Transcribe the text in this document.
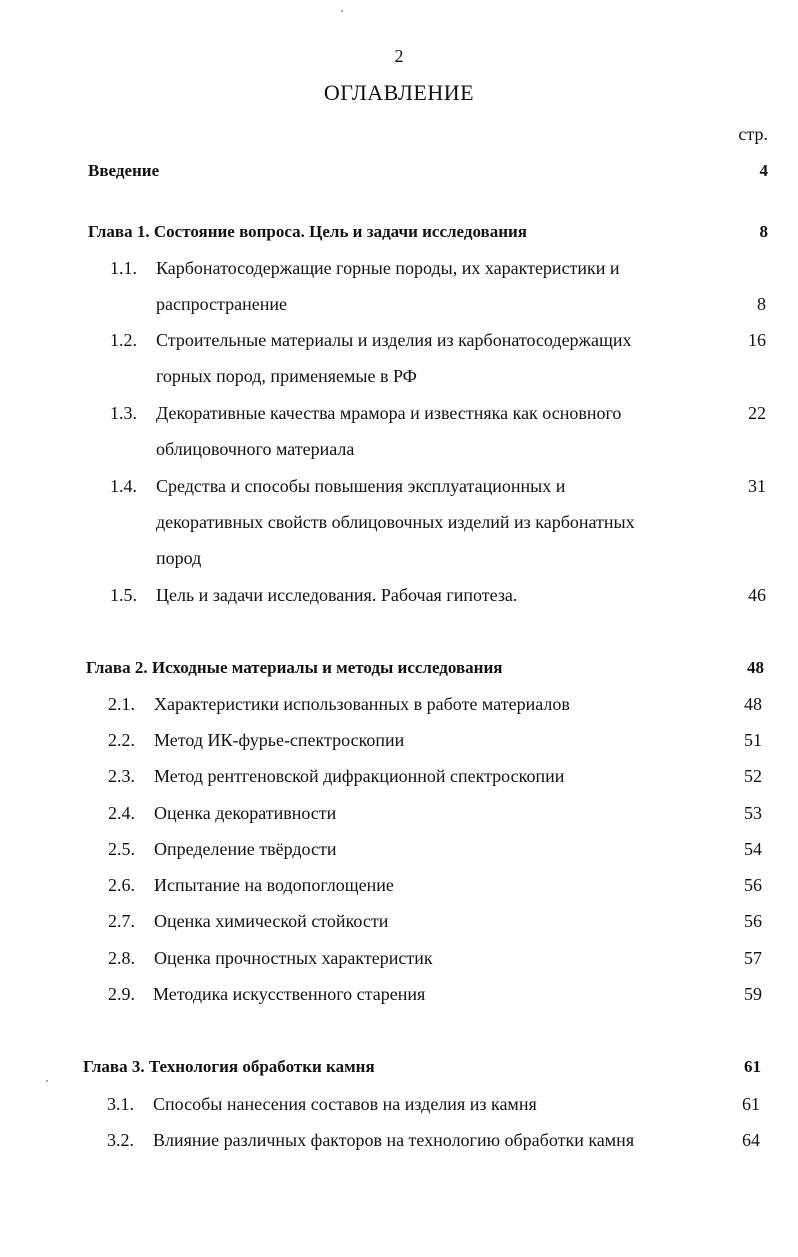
2
ОГЛАВЛЕНИЕ
стр.
Введение	4
Глава 1. Состояние вопроса. Цель и задачи исследования	8
1.1. Карбонатосодержащие горные породы, их характеристики и
распространение	8
1.2. Строительные материалы и изделия из карбонатосодержащих	16
горных пород, применяемые в РФ
1.3. Декоративные качества мрамора и известняка как основного	22
облицовочного материала
1.4. Средства и способы повышения эксплуатационных и	31
декоративных свойств облицовочных изделий из карбонатных
пород
1.5. Цель и задачи исследования. Рабочая гипотеза.	46
Глава 2. Исходные материалы и методы исследования	48
2.1. Характеристики использованных в работе материалов	48
2.2. Метод ИК-фурье-спектроскопии	51
2.3. Метод рентгеновской дифракционной спектроскопии	52
2.4. Оценка декоративности	53
2.5. Определение твёрдости	54
2.6. Испытание на водопоглощение	56
2.7. Оценка химической стойкости	56
2.8. Оценка прочностных характеристик	57
2.9. Методика искусственного старения	59
Глава 3. Технология обработки камня	61
3.1. Способы нанесения составов на изделия из камня	61
3.2. Влияние различных факторов на технологию обработки камня	64
